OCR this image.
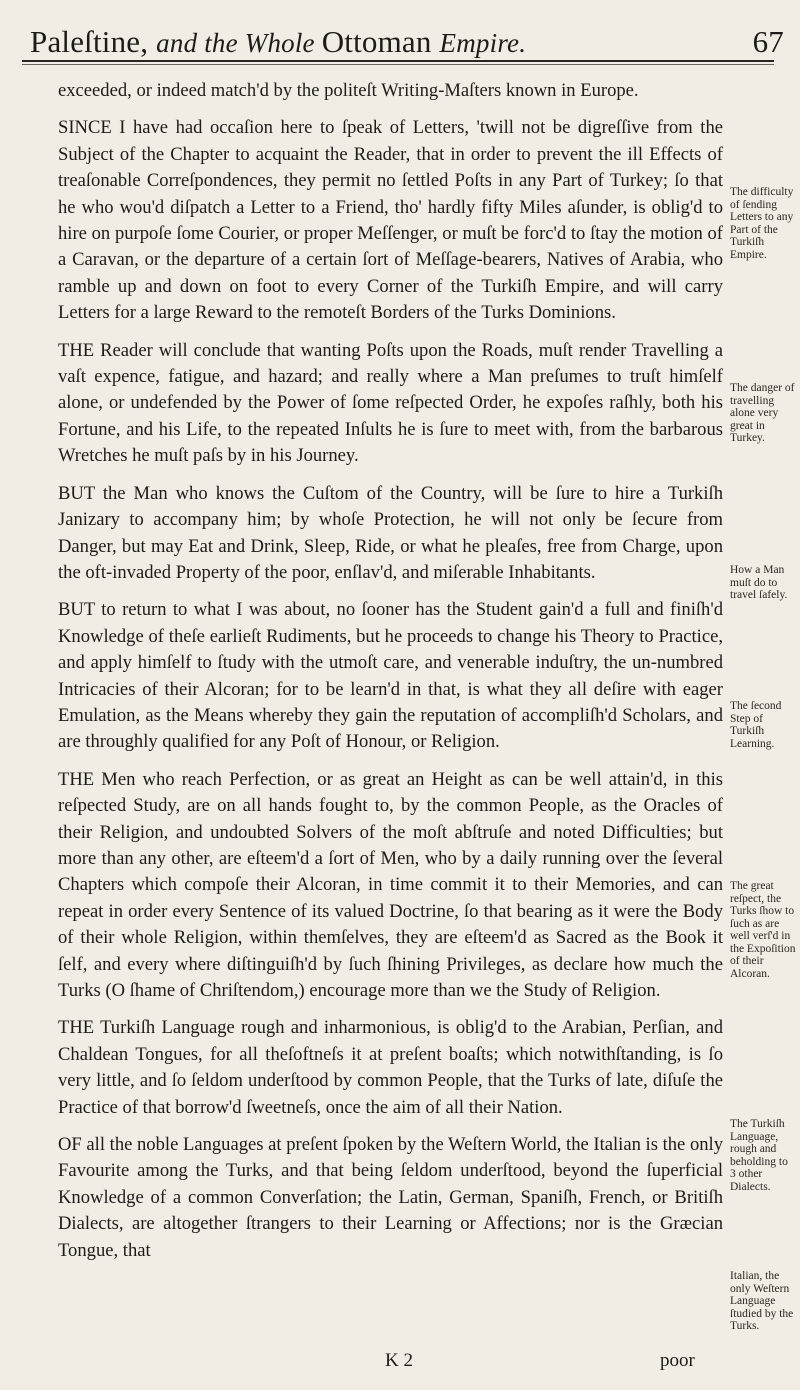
Paleſtine, and the Whole Ottoman Empire.	67

exceeded, or indeed match'd by the politeſt Writing-Maſters known in Europe.

SINCE I have had occaſion here to ſpeak of Letters, 'twill not be digreſſive from the Subject of the Chapter to acquaint the Reader, that in order to prevent the ill Effects of treaſonable Correſpondences, they permit no ſettled Poſts in any Part of Turkey; ſo that he who wou'd diſpatch a Letter to a Friend, tho' hardly fifty Miles aſunder, is oblig'd to hire on purpoſe ſome Courier, or proper Meſſenger, or muſt be forc'd to ſtay the motion of a Caravan, or the departure of a certain ſort of Meſſage-bearers, Natives of Arabia, who ramble up and down on foot to every Corner of the Turkiſh Empire, and will carry Letters for a large Reward to the remoteſt Borders of the Turks Dominions.

THE Reader will conclude that wanting Poſts upon the Roads, muſt render Travelling a vaſt expence, fatigue, and hazard; and really where a Man preſumes to truſt himſelf alone, or undefended by the Power of ſome reſpected Order, he expoſes raſhly, both his Fortune, and his Life, to the repeated Inſults he is ſure to meet with, from the barbarous Wretches he muſt paſs by in his Journey.

BUT the Man who knows the Cuſtom of the Country, will be ſure to hire a Turkiſh Janizary to accompany him; by whoſe Protection, he will not only be ſecure from Danger, but may Eat and Drink, Sleep, Ride, or what he pleaſes, free from Charge, upon the oft-invaded Property of the poor, enſlav'd, and miſerable Inhabitants.

BUT to return to what I was about, no ſooner has the Student gain'd a full and finiſh'd Knowledge of theſe earlieſt Rudiments, but he proceeds to change his Theory to Practice, and apply himſelf to ſtudy with the utmoſt care, and venerable induſtry, the un-numbred Intricacies of their Alcoran; for to be learn'd in that, is what they all deſire with eager Emulation, as the Means whereby they gain the reputation of accompliſh'd Scholars, and are throughly qualified for any Poſt of Honour, or Religion.

THE Men who reach Perfection, or as great an Height as can be well attain'd, in this reſpected Study, are on all hands fought to, by the common People, as the Oracles of their Religion, and undoubted Solvers of the moſt abſtruſe and noted Difficulties; but more than any other, are eſteem'd a ſort of Men, who by a daily running over the ſeveral Chapters which compoſe their Alcoran, in time commit it to their Memories, and can repeat in order every Sentence of its valued Doctrine, ſo that bearing as it were the Body of their whole Religion, within themſelves, they are eſteem'd as Sacred as the Book it ſelf, and every where diſtinguiſh'd by ſuch ſhining Privileges, as declare how much the Turks (O ſhame of Chriſtendom,) encourage more than we the Study of Religion.

THE Turkiſh Language rough and inharmonious, is oblig'd to the Arabian, Perſian, and Chaldean Tongues, for all theſoftneſs it at preſent boaſts; which notwithſtanding, is ſo very little, and ſo ſeldom underſtood by common People, that the Turks of late, diſuſe the Practice of that borrow'd ſweetneſs, once the aim of all their Nation.

OF all the noble Languages at preſent ſpoken by the Weſtern World, the Italian is the only Favourite among the Turks, and that being ſeldom underſtood, beyond the ſuperficial Knowledge of a common Converſation; the Latin, German, Spaniſh, French, or Britiſh Dialects, are altogether ſtrangers to their Learning or Affections; nor is the Græcian Tongue, that

The difficulty of ſending Letters to any Part of the Turkiſh Empire.
The danger of travelling alone very great in Turkey.
How a Man muſt do to travel ſafely.
The ſecond Step of Turkiſh Learning.
The great reſpect, the Turks ſhow to ſuch as are well verſ'd in the Expoſition of their Alcoran.
The Turkiſh Language, rough and beholding to 3 other Dialects.
Italian, the only Weſtern Language ſtudied by the Turks.
K 2	poor
